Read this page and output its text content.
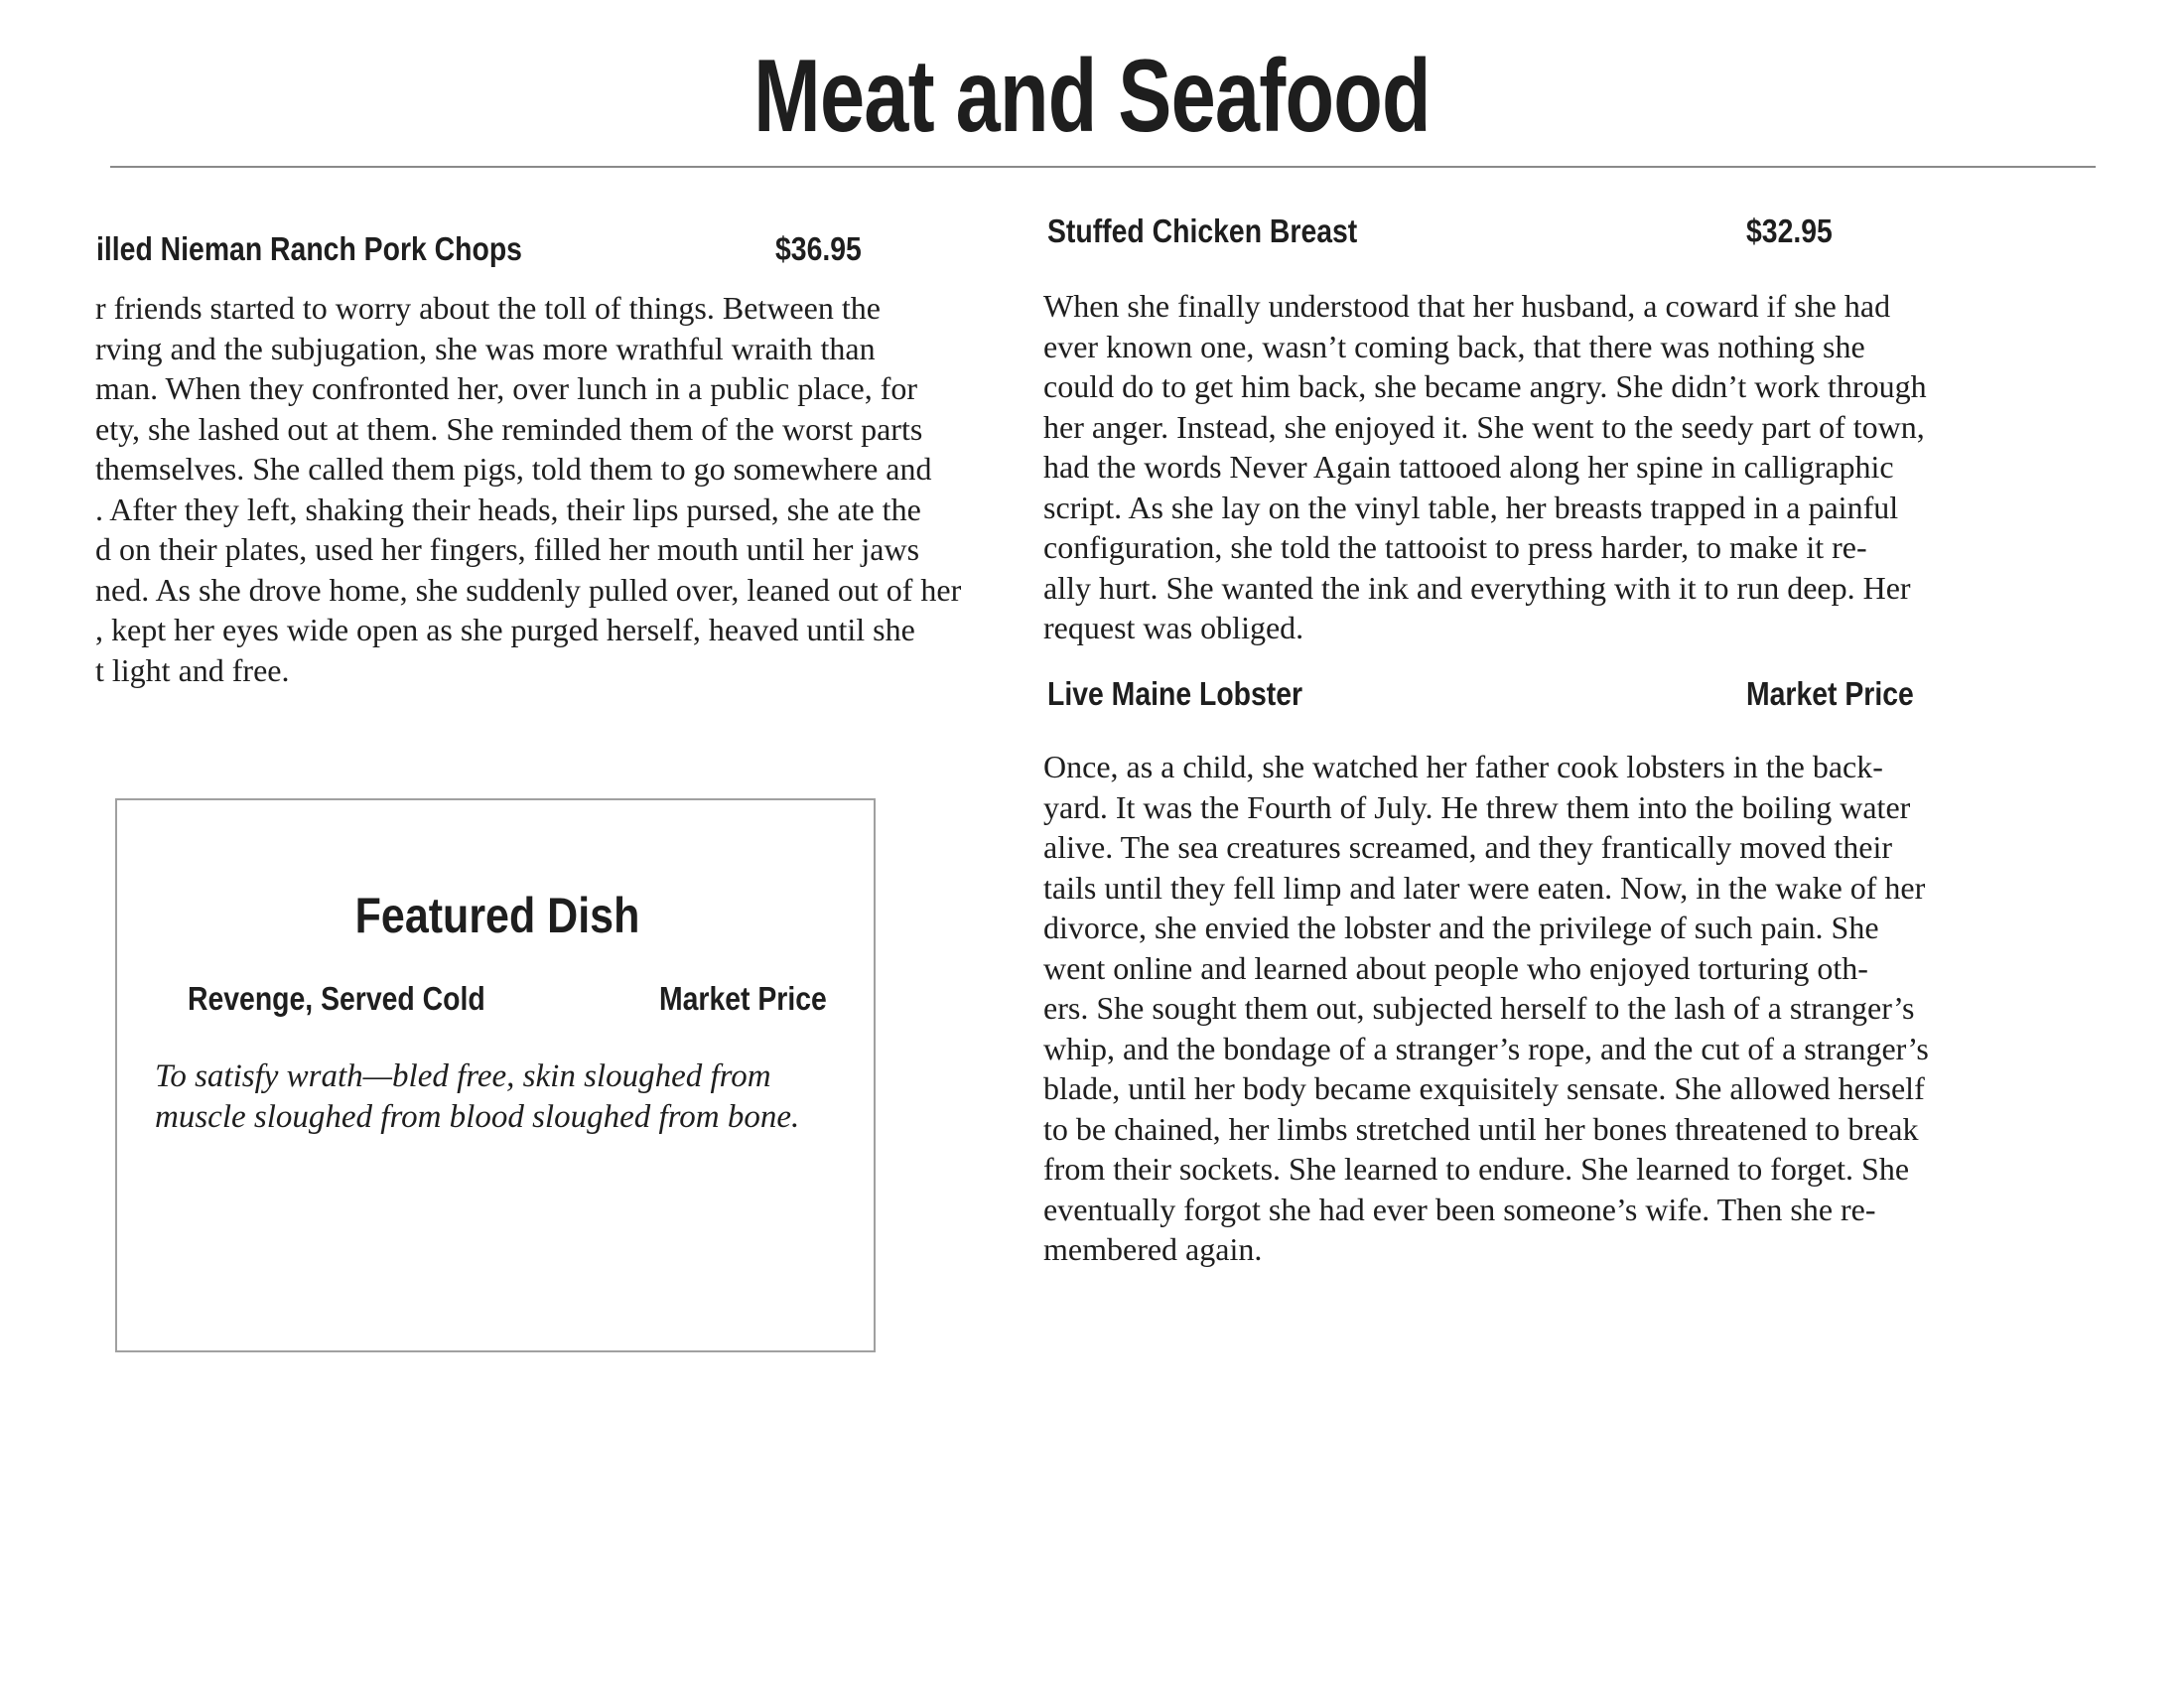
Meat and Seafood
illed Nieman Ranch Pork Chops	$36.95
r friends started to worry about the toll of things. Between the
rving and the subjugation, she was more wrathful wraith than
man. When they confronted her, over lunch in a public place, for
ety, she lashed out at them. She reminded them of the worst parts
themselves. She called them pigs, told them to go somewhere and
. After they left, shaking their heads, their lips pursed, she ate the
d on their plates, used her fingers, filled her mouth until her jaws
ned. As she drove home, she suddenly pulled over, leaned out of her
, kept her eyes wide open as she purged herself, heaved until she
t light and free.
Featured Dish
Revenge, Served Cold	Market Price
To satisfy wrath—bled free, skin sloughed from
muscle sloughed from blood sloughed from bone.
Stuffed Chicken Breast	$32.95
When she finally understood that her husband, a coward if she had
ever known one, wasn’t coming back, that there was nothing she
could do to get him back, she became angry. She didn’t work through
her anger. Instead, she enjoyed it. She went to the seedy part of town,
had the words Never Again tattooed along her spine in calligraphic
script. As she lay on the vinyl table, her breasts trapped in a painful
configuration, she told the tattooist to press harder, to make it re-
ally hurt. She wanted the ink and everything with it to run deep. Her
request was obliged.
Live Maine Lobster	Market Price
Once, as a child, she watched her father cook lobsters in the back-
yard. It was the Fourth of July. He threw them into the boiling water
alive. The sea creatures screamed, and they frantically moved their
tails until they fell limp and later were eaten. Now, in the wake of her
divorce, she envied the lobster and the privilege of such pain. She
went online and learned about people who enjoyed torturing oth-
ers. She sought them out, subjected herself to the lash of a stranger’s
whip, and the bondage of a stranger’s rope, and the cut of a stranger’s
blade, until her body became exquisitely sensate. She allowed herself
to be chained, her limbs stretched until her bones threatened to break
from their sockets. She learned to endure. She learned to forget. She
eventually forgot she had ever been someone’s wife. Then she re-
membered again.
